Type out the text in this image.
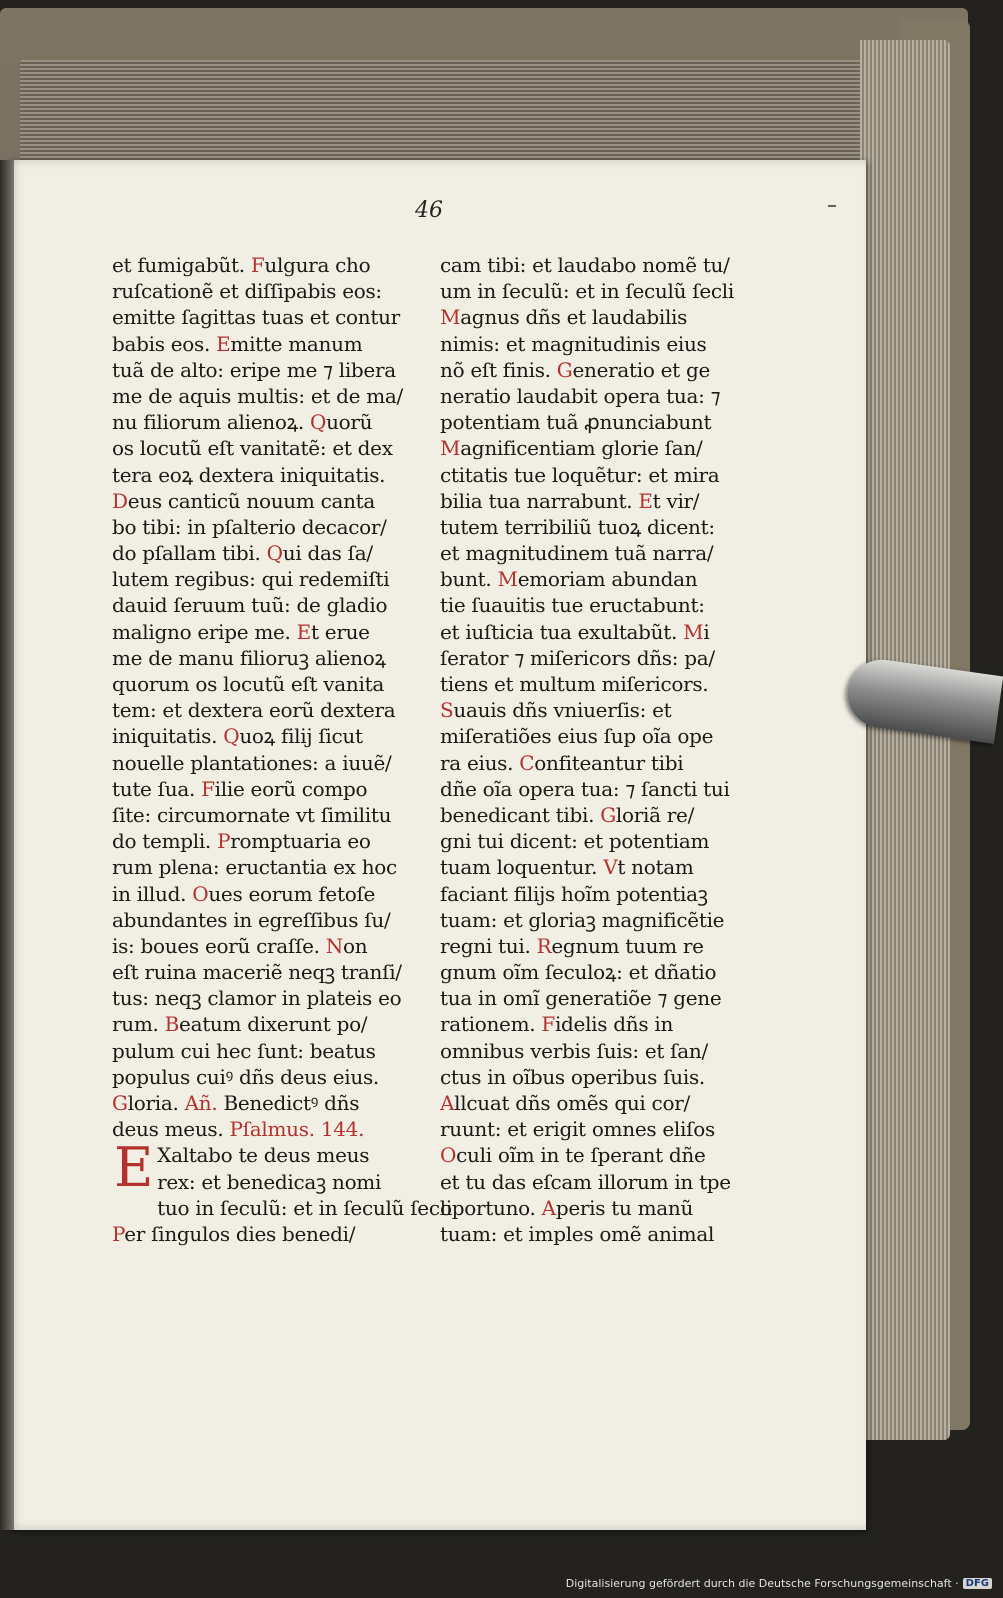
46
et fumigabũt. Fulgura cho
ruſcationẽ et diſſipabis eos:
emitte ſagittas tuas et contur
babis eos. Emitte manum
tuã de alto: eripe me ⁊ libera
me de aquis multis: et de ma/
nu filiorum alienoꝝ. Quorũ
os locutũ eſt vanitatẽ: et dex
tera eoꝝ dextera iniquitatis.
Deus canticũ nouum canta
bo tibi: in pſalterio decacor/
do pſallam tibi. Qui das ſa/
lutem regibus: qui redemiſti
dauid ſeruum tuũ: de gladio
maligno eripe me. Et erue
me de manu filioruꝫ alienoꝝ
quorum os locutũ eſt vanita
tem: et dextera eorũ dextera
iniquitatis. Quoꝝ filij ſicut
nouelle plantationes: a iuuẽ/
tute ſua. Filie eorũ compo
ſite: circumornate vt ſimilitu
do templi. Promptuaria eo
rum plena: eructantia ex hoc
in illud. Oues eorum fetoſe
abundantes in egreſſibus ſu/
is: boues eorũ craſſe. Non
eſt ruina maceriẽ neqꝫ tranſi/
tus: neqꝫ clamor in plateis eo
rum. Beatum dixerunt po/
pulum cui hec ſunt: beatus
populus cuiꝰ dñs deus eius.
Gloria. Añ. Benedictꝰ dñs
deus meus. Pſalmus. 144.
E Xaltabo te deus meus
rex: et benedicaꝫ nomi
tuo in ſeculũ: et in ſeculũ ſecli
Per ſingulos dies benedi/
cam tibi: et laudabo nomẽ tu/
um in ſeculũ: et in ſeculũ ſecli
Magnus dñs et laudabilis
nimis: et magnitudinis eius
nõ eſt finis. Generatio et ge
neratio laudabit opera tua: ⁊
potentiam tuã ꝓnunciabunt
Magnificentiam glorie ſan/
ctitatis tue loquẽtur: et mira
bilia tua narrabunt. Et vir/
tutem terribiliũ tuoꝝ dicent:
et magnitudinem tuã narra/
bunt. Memoriam abundan
tie ſuauitis tue eructabunt:
et iuſticia tua exultabũt. Mi
ſerator ⁊ miſericors dñs: pa/
tiens et multum miſericors.
Suauis dñs vniuerſis: et
miſeratiões eius ſup oĩa ope
ra eius. Confiteantur tibi
dñe oĩa opera tua: ⁊ ſancti tui
benedicant tibi. Gloriã re/
gni tui dicent: et potentiam
tuam loquentur. Vt notam
faciant filijs hoĩm potentiaꝫ
tuam: et gloriaꝫ magnificẽtie
regni tui. Regnum tuum re
gnum oĩm ſeculoꝝ: et dñatio
tua in omĩ generatiõe ⁊ gene
rationem. Fidelis dñs in
omnibus verbis ſuis: et ſan/
ctus in oĩbus operibus ſuis.
Allcuat dñs omẽs qui cor/
ruunt: et erigit omnes eliſos
Oculi oĩm in te ſperant dñe
et tu das eſcam illorum in tpe
oportuno. Aperis tu manũ
tuam: et imples omẽ animal
Digitalisierung gefördert durch die Deutsche Forschungsgemeinschaft · DFG
